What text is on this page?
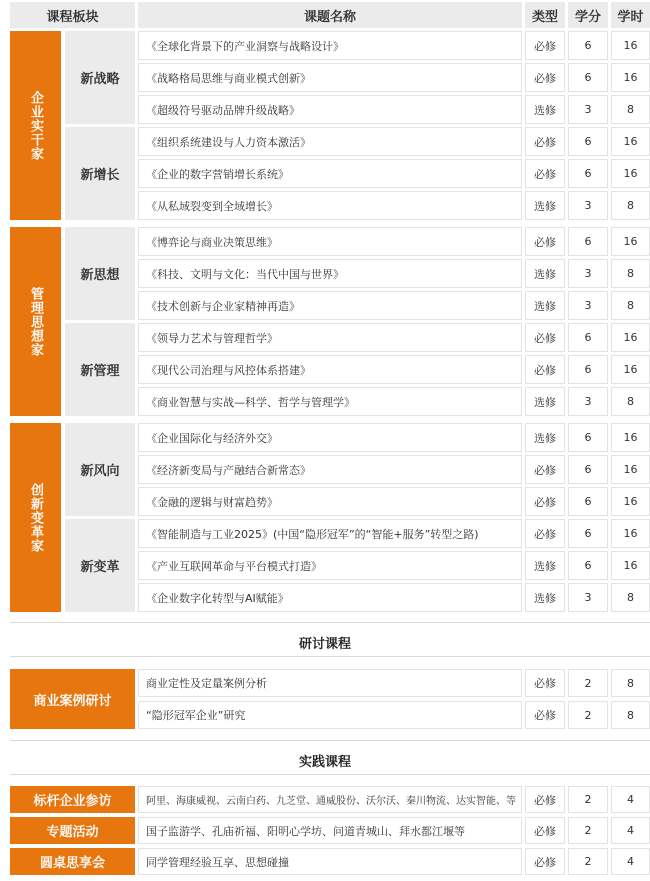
课程板块	课题名称	类型	学分	学时
企业实干家
新战略
《全球化背景下的产业洞察与战略设计》	必修	6	16
《战略格局思维与商业模式创新》	必修	6	16
《超级符号驱动品牌升级战略》	选修	3	8
新增长
《组织系统建设与人力资本激活》	必修	6	16
《企业的数字营销增长系统》	必修	6	16
《从私域裂变到全域增长》	选修	3	8
管理思想家
新思想
《博弈论与商业决策思维》	必修	6	16
《科技、文明与文化：当代中国与世界》	选修	3	8
《技术创新与企业家精神再造》	选修	3	8
新管理
《领导力艺术与管理哲学》	必修	6	16
《现代公司治理与风控体系搭建》	必修	6	16
《商业智慧与实战—科学、哲学与管理学》	选修	3	8
创新变革家
新风向
《企业国际化与经济外交》	选修	6	16
《经济新变局与产融结合新常态》	必修	6	16
《金融的逻辑与财富趋势》	必修	6	16
新变革
《智能制造与工业2025》(中国“隐形冠军”的“智能+服务”转型之路)	必修	6	16
《产业互联网革命与平台模式打造》	选修	6	16
《企业数字化转型与AI赋能》	选修	3	8
研讨课程
商业案例研讨
商业定性及定量案例分析	必修	2	8
“隐形冠军企业”研究	必修	2	8
实践课程
标杆企业参访	阿里、海康威视、云南白药、九芝堂、通威股份、沃尔沃、秦川物流、达实智能、等	必修	2	4
专题活动	国子监游学、孔庙祈福、阳明心学坊、问道青城山、拜水都江堰等	必修	2	4
圆桌思享会	同学管理经验互享、思想碰撞	必修	2	4
